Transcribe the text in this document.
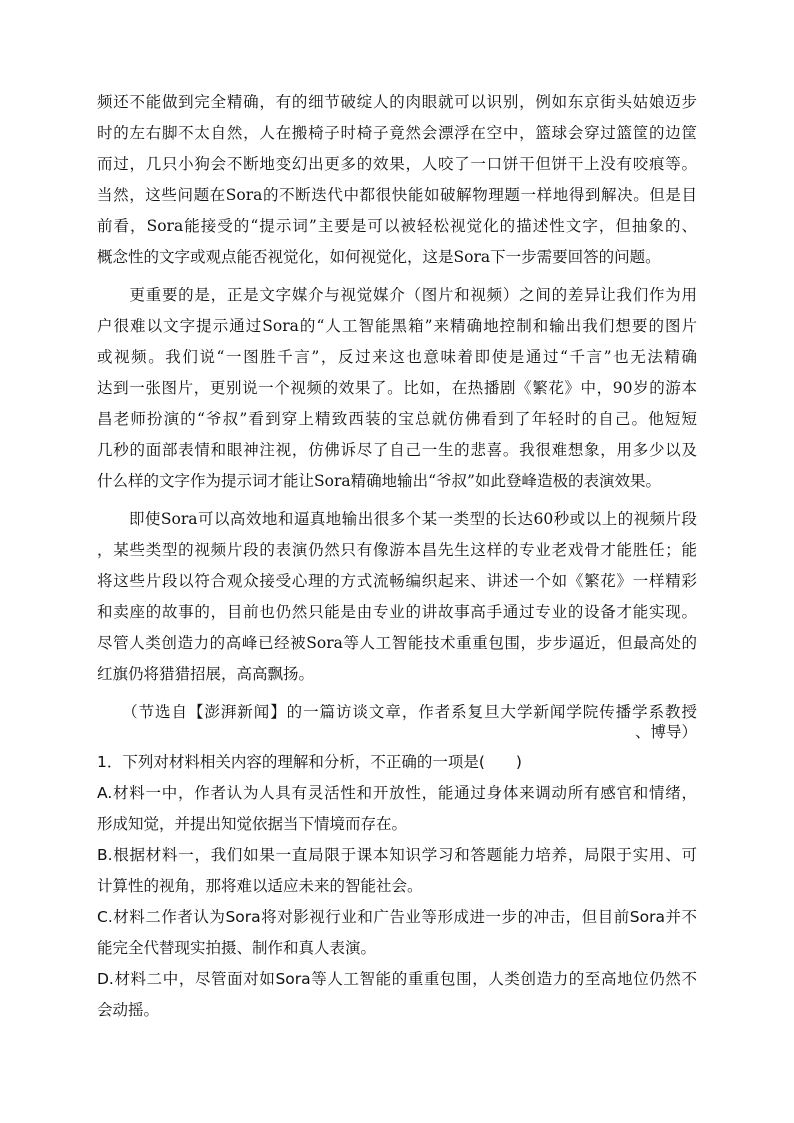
频还不能做到完全精确，有的细节破绽人的肉眼就可以识别，例如东京街头姑娘迈步
时的左右脚不太自然，人在搬椅子时椅子竟然会漂浮在空中，篮球会穿过篮筐的边筐
而过，几只小狗会不断地变幻出更多的效果，人咬了一口饼干但饼干上没有咬痕等。
当然，这些问题在Sora的不断迭代中都很快能如破解物理题一样地得到解决。但是目
前看，Sora能接受的“提示词”主要是可以被轻松视觉化的描述性文字，但抽象的、
概念性的文字或观点能否视觉化，如何视觉化，这是Sora下一步需要回答的问题。
　　更重要的是，正是文字媒介与视觉媒介（图片和视频）之间的差异让我们作为用
户很难以文字提示通过Sora的“人工智能黑箱”来精确地控制和输出我们想要的图片
或视频。我们说“一图胜千言”，反过来这也意味着即使是通过“千言”也无法精确
达到一张图片，更别说一个视频的效果了。比如，在热播剧《繁花》中，90岁的游本
昌老师扮演的“爷叔”看到穿上精致西装的宝总就仿佛看到了年轻时的自己。他短短
几秒的面部表情和眼神注视，仿佛诉尽了自己一生的悲喜。我很难想象，用多少以及
什么样的文字作为提示词才能让Sora精确地输出“爷叔”如此登峰造极的表演效果。
　　即使Sora可以高效地和逼真地输出很多个某一类型的长达60秒或以上的视频片段
，某些类型的视频片段的表演仍然只有像游本昌先生这样的专业老戏骨才能胜任；能
将这些片段以符合观众接受心理的方式流畅编织起来、讲述一个如《繁花》一样精彩
和卖座的故事的，目前也仍然只能是由专业的讲故事高手通过专业的设备才能实现。
尽管人类创造力的高峰已经被Sora等人工智能技术重重包围，步步逼近，但最高处的
红旗仍将猎猎招展，高高飘扬。
　　（节选自【澎湃新闻】的一篇访谈文章，作者系复旦大学新闻学院传播学系教授
、博导）
1．下列对材料相关内容的理解和分析，不正确的一项是(　　)
A.材料一中，作者认为人具有灵活性和开放性，能通过身体来调动所有感官和情绪，
形成知觉，并提出知觉依据当下情境而存在。
B.根据材料一，我们如果一直局限于课本知识学习和答题能力培养，局限于实用、可
计算性的视角，那将难以适应未来的智能社会。
C.材料二作者认为Sora将对影视行业和广告业等形成进一步的冲击，但目前Sora并不
能完全代替现实拍摄、制作和真人表演。
D.材料二中，尽管面对如Sora等人工智能的重重包围，人类创造力的至高地位仍然不
会动摇。
